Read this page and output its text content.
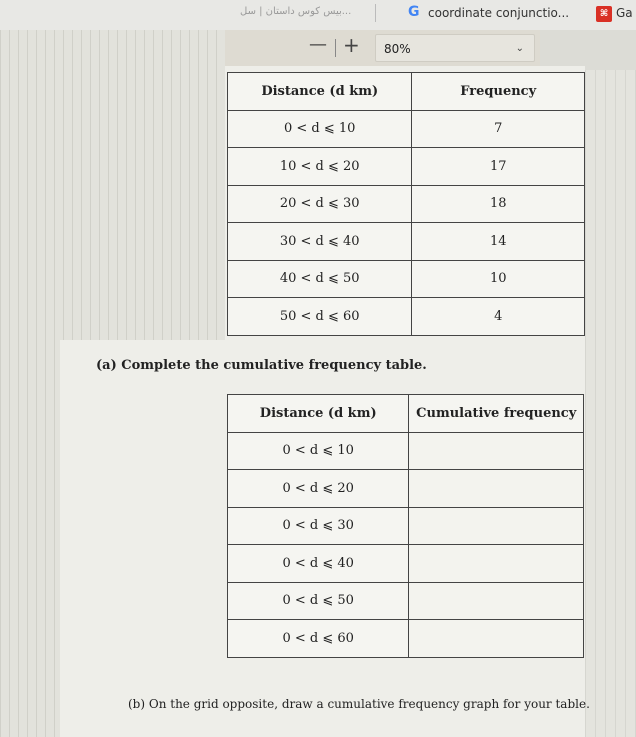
بیس کوس داستان | سل...	G coordinate conjunctio...	⌘ Ga
— +	80%	⌄
Distance (d km)	Frequency
0 < d ⩽ 10	7
10 < d ⩽ 20	17
20 < d ⩽ 30	18
30 < d ⩽ 40	14
40 < d ⩽ 50	10
50 < d ⩽ 60	4
(a) Complete the cumulative frequency table.
Distance (d km)	Cumulative frequency
0 < d ⩽ 10	
0 < d ⩽ 20	
0 < d ⩽ 30	
0 < d ⩽ 40	
0 < d ⩽ 50	
0 < d ⩽ 60	
(b) On the grid opposite, draw a cumulative frequency graph for your table.
